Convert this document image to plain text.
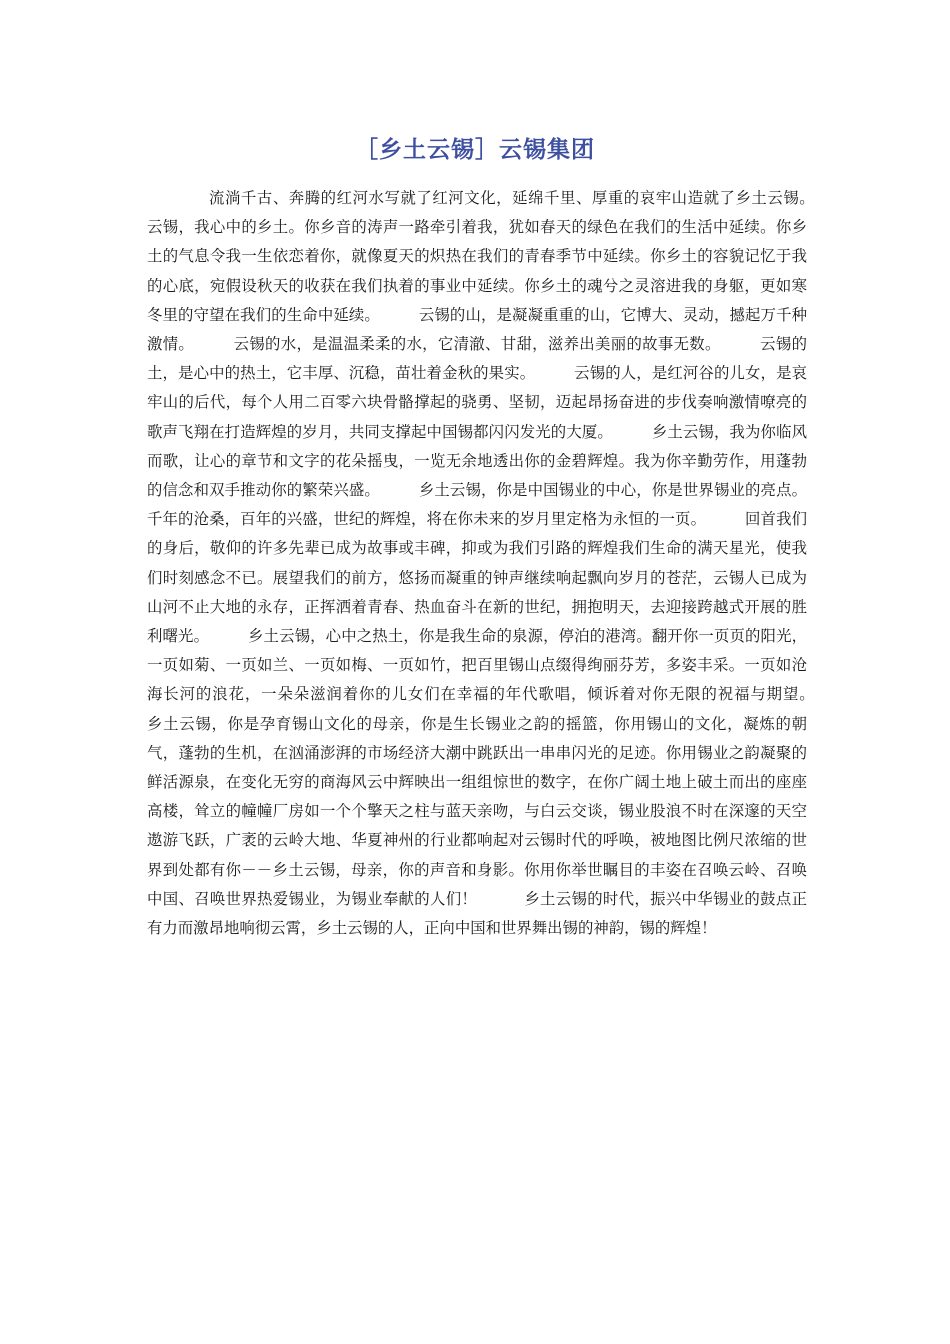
［乡土云锡］云锡集团

流淌千古、奔腾的红河水写就了红河文化，延绵千里、厚重的哀牢山造就了乡土云锡。　　　云锡，我心中的乡土。你乡音的涛声一路牵引着我，犹如春天的绿色在我们的生活中延续。你乡土的气息令我一生依恋着你，就像夏天的炽热在我们的青春季节中延续。你乡土的容貌记忆于我的心底，宛假设秋天的收获在我们执着的事业中延续。你乡土的魂兮之灵溶进我的身躯，更如寒冬里的守望在我们的生命中延续。　　　云锡的山，是凝凝重重的山，它博大、灵动，撼起万千种激情。　　　云锡的水，是温温柔柔的水，它清澈、甘甜，滋养出美丽的故事无数。　　　云锡的土，是心中的热土，它丰厚、沉稳，苗壮着金秋的果实。　　　云锡的人，是红河谷的儿女，是哀牢山的后代，每个人用二百零六块骨骼撑起的骁勇、坚韧，迈起昂扬奋进的步伐奏响激情嘹亮的歌声飞翔在打造辉煌的岁月，共同支撑起中国锡都闪闪发光的大厦。　　　乡土云锡，我为你临风而歌，让心的章节和文字的花朵摇曳，一览无余地透出你的金碧辉煌。我为你辛勤劳作，用蓬勃的信念和双手推动你的繁荣兴盛。　　　乡土云锡，你是中国锡业的中心，你是世界锡业的亮点。千年的沧桑，百年的兴盛，世纪的辉煌，将在你未来的岁月里定格为永恒的一页。　　　回首我们的身后，敬仰的许多先辈已成为故事或丰碑，抑或为我们引路的辉煌我们生命的满天星光，使我们时刻感念不已。展望我们的前方，悠扬而凝重的钟声继续响起飘向岁月的苍茫，云锡人已成为山河不止大地的永存，正挥洒着青春、热血奋斗在新的世纪，拥抱明天，去迎接跨越式开展的胜利曙光。　　　乡土云锡，心中之热土，你是我生命的泉源，停泊的港湾。翻开你一页页的阳光，一页如菊、一页如兰、一页如梅、一页如竹，把百里锡山点缀得绚丽芬芳，多姿丰采。一页如沧海长河的浪花，一朵朵滋润着你的儿女们在幸福的年代歌唱，倾诉着对你无限的祝福与期望。　　　乡土云锡，你是孕育锡山文化的母亲，你是生长锡业之韵的摇篮，你用锡山的文化，凝炼的朝气，蓬勃的生机，在汹涌澎湃的市场经济大潮中跳跃出一串串闪光的足迹。你用锡业之韵凝聚的鲜活源泉，在变化无穷的商海风云中辉映出一组组惊世的数字，在你广阔土地上破土而出的座座高楼，耸立的幢幢厂房如一个个擎天之柱与蓝天亲吻，与白云交谈，锡业股浪不时在深邃的天空遨游飞跃，广袤的云岭大地、华夏神州的行业都响起对云锡时代的呼唤，被地图比例尺浓缩的世界到处都有你－－乡土云锡，母亲，你的声音和身影。你用你举世瞩目的丰姿在召唤云岭、召唤中国、召唤世界热爱锡业，为锡业奉献的人们！　　　乡土云锡的时代，振兴中华锡业的鼓点正有力而激昂地响彻云霄，乡土云锡的人，正向中国和世界舞出锡的神韵，锡的辉煌！
